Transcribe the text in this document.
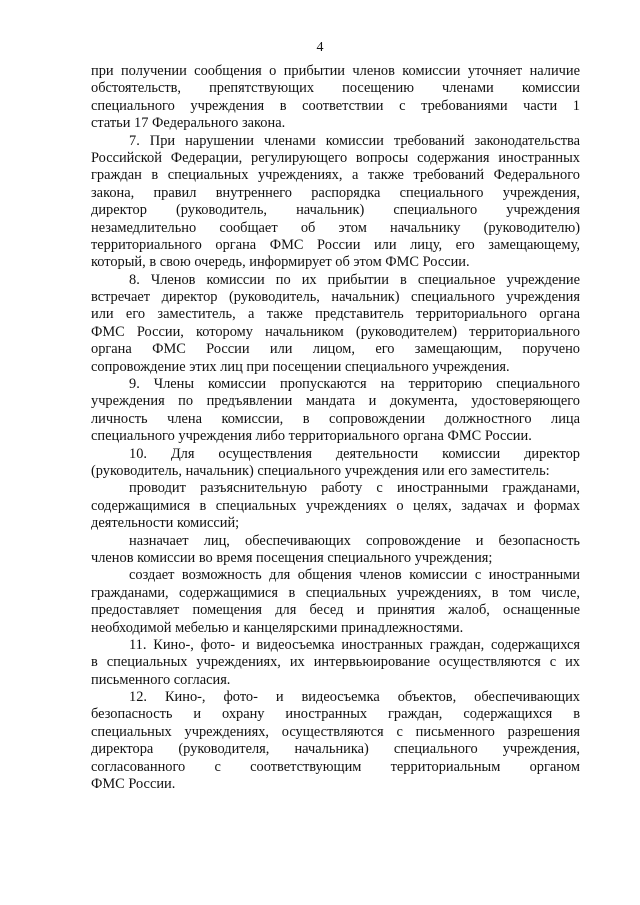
4
при получении сообщения о прибытии членов комиссии уточняет наличие
обстоятельств, препятствующих посещению членами комиссии
специального учреждения в соответствии с требованиями части 1
статьи 17 Федерального закона.
7. При нарушении членами комиссии требований законодательства
Российской Федерации, регулирующего вопросы содержания иностранных
граждан в специальных учреждениях, а также требований Федерального
закона, правил внутреннего распорядка специального учреждения,
директор (руководитель, начальник) специального учреждения
незамедлительно сообщает об этом начальнику (руководителю)
территориального органа ФМС России или лицу, его замещающему,
который, в свою очередь, информирует об этом ФМС России.
8. Членов комиссии по их прибытии в специальное учреждение
встречает директор (руководитель, начальник) специального учреждения
или его заместитель, а также представитель территориального органа
ФМС России, которому начальником (руководителем) территориального
органа ФМС России или лицом, его замещающим, поручено
сопровождение этих лиц при посещении специального учреждения.
9. Члены комиссии пропускаются на территорию специального
учреждения по предъявлении мандата и документа, удостоверяющего
личность члена комиссии, в сопровождении должностного лица
специального учреждения либо территориального органа ФМС России.
10. Для осуществления деятельности комиссии директор
(руководитель, начальник) специального учреждения или его заместитель:
проводит разъяснительную работу с иностранными гражданами,
содержащимися в специальных учреждениях о целях, задачах и формах
деятельности комиссий;
назначает лиц, обеспечивающих сопровождение и безопасность
членов комиссии во время посещения специального учреждения;
создает возможность для общения членов комиссии с иностранными
гражданами, содержащимися в специальных учреждениях, в том числе,
предоставляет помещения для бесед и принятия жалоб, оснащенные
необходимой мебелью и канцелярскими принадлежностями.
11. Кино-, фото- и видеосъемка иностранных граждан, содержащихся
в специальных учреждениях, их интервьюирование осуществляются с их
письменного согласия.
12. Кино-, фото- и видеосъемка объектов, обеспечивающих
безопасность и охрану иностранных граждан, содержащихся в
специальных учреждениях, осуществляются с письменного разрешения
директора (руководителя, начальника) специального учреждения,
согласованного с соответствующим территориальным органом
ФМС России.
